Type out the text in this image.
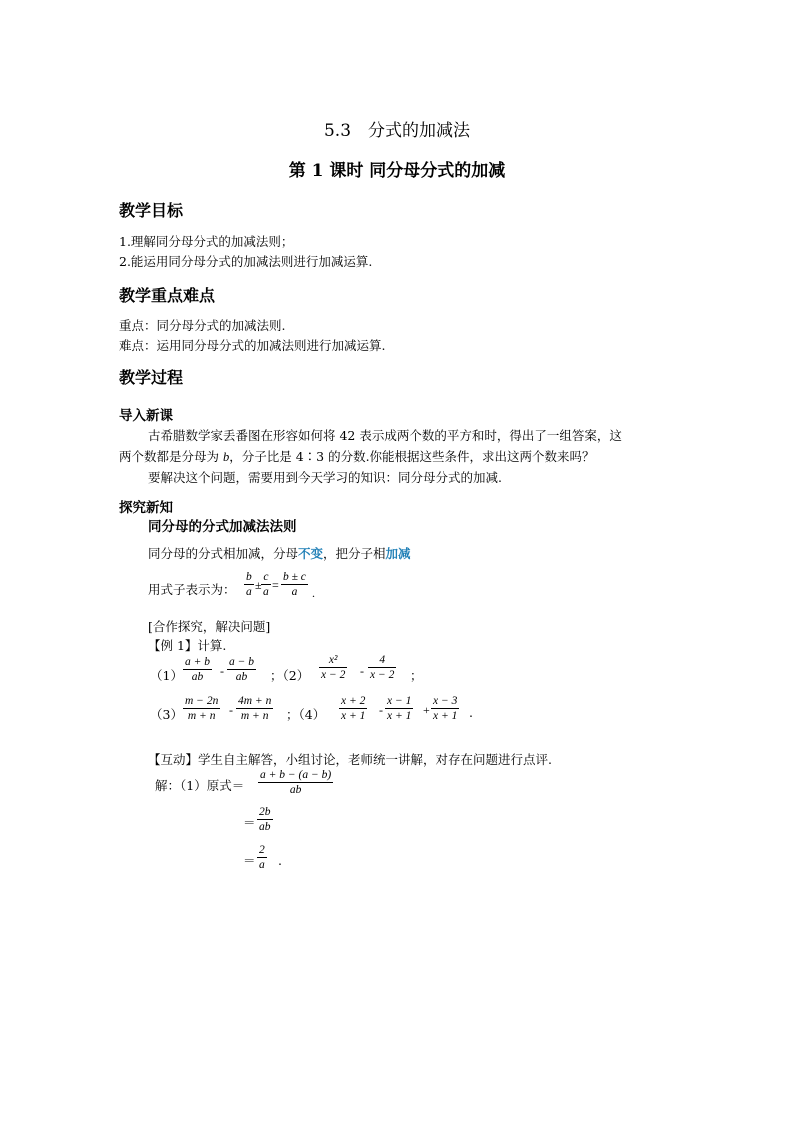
5.3　分式的加减法
第 1 课时 同分母分式的加减
教学目标
1.理解同分母分式的加减法则；
2.能运用同分母分式的加减法则进行加减运算.
教学重点难点
重点：同分母分式的加减法则.
难点：运用同分母分式的加减法则进行加减运算.
教学过程
导入新课
古希腊数学家丢番图在形容如何将 42 表示成两个数的平方和时，得出了一组答案，这
两个数都是分母为 b，分子比是 4∶3 的分数.你能根据这些条件，求出这两个数来吗？
要解决这个问题，需要用到今天学习的知识：同分母分式的加减.
探究新知
同分母的分式加减法法则
同分母的分式相加减，分母不变，把分子相加减
用式子表示为： $\frac{b}{a} \pm \frac{c}{a} = \frac{b \pm c}{a}$ .
[合作探究，解决问题]
【例 1】计算.
$(1) \frac{a + b}{ab} - \frac{a - b}{ab}$ ；$(2) \frac{\text{x²}}{x - 2} - \frac{4}{x - 2}$ ；
$(3) \frac{m - 2n}{m + n} - \frac{4m + n}{m + n}$ ；$(4) \frac{x + 2}{x + 1} - \frac{x - 1}{x + 1} + \frac{x - 3}{x + 1}$ .
【互动】学生自主解答，小组讨论，老师统一讲解，对存在问题进行点评.
解：（1）原式＝ $\frac{a + b - (a - b)}{ab}$
＝ $\frac{2b}{ab}$
＝ $\frac{2}{a}$ .
